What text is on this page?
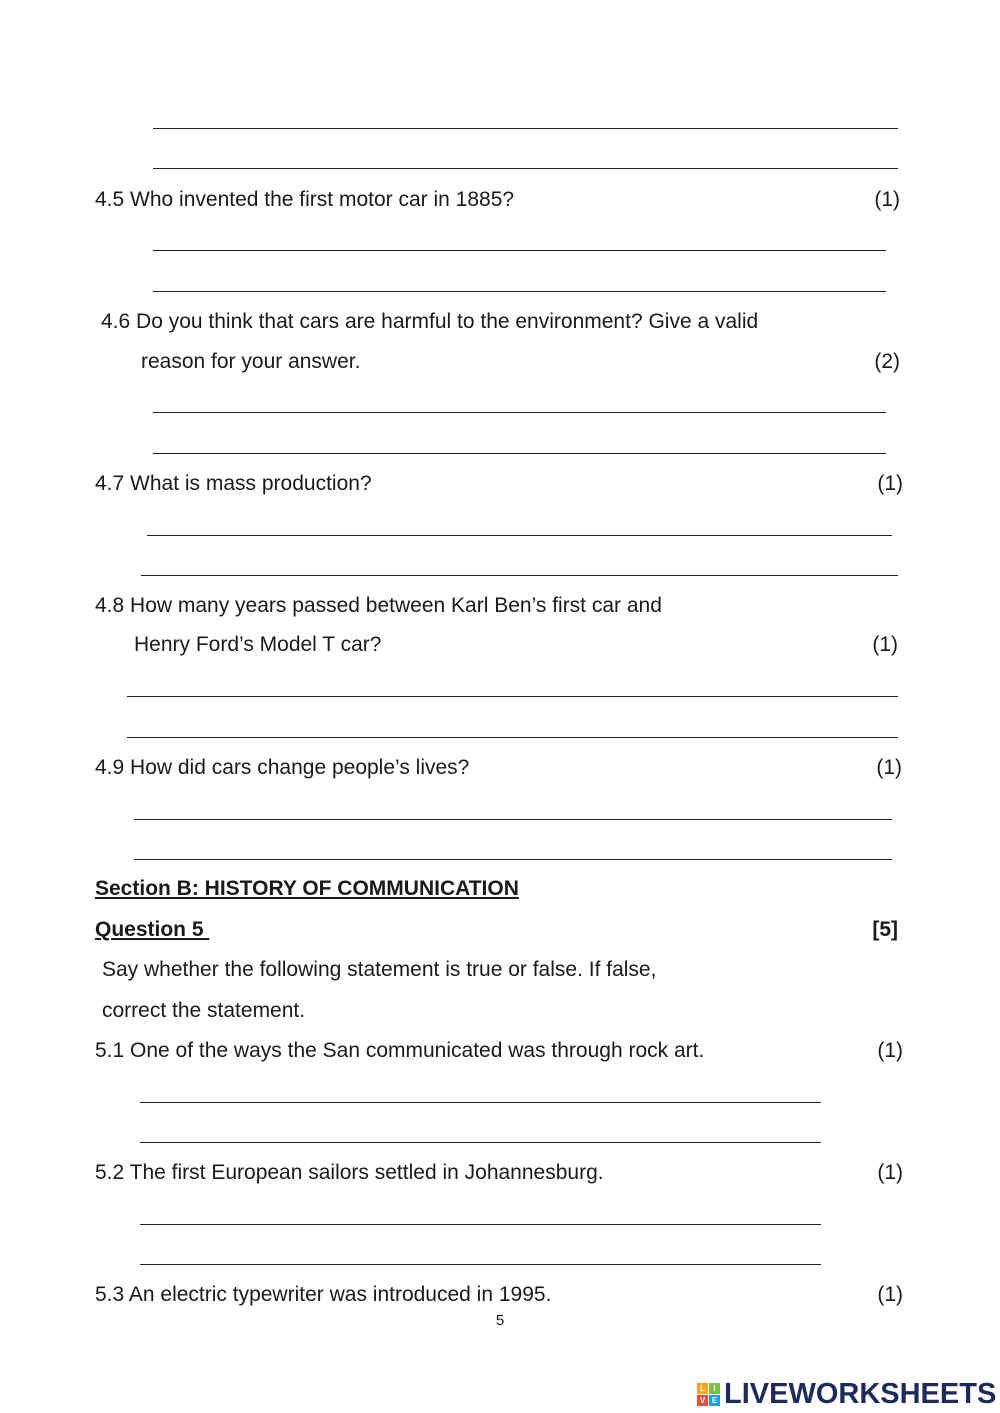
4.5 Who invented the first motor car in 1885?	(1)
4.6 Do you think that cars are harmful to the environment? Give a valid
reason for your answer.	(2)
4.7 What is mass production?	(1)
4.8 How many years passed between Karl Ben’s first car and
Henry Ford’s Model T car?	(1)
4.9 How did cars change people’s lives?	(1)
Section B: HISTORY OF COMMUNICATION
Question 5	[5]
Say whether the following statement is true or false. If false,
correct the statement.
5.1 One of the ways the San communicated was through rock art.	(1)
5.2 The first European sailors settled in Johannesburg.	(1)
5.3 An electric typewriter was introduced in 1995.	(1)
5
L	I
V E LIVEWORKSHEETS
